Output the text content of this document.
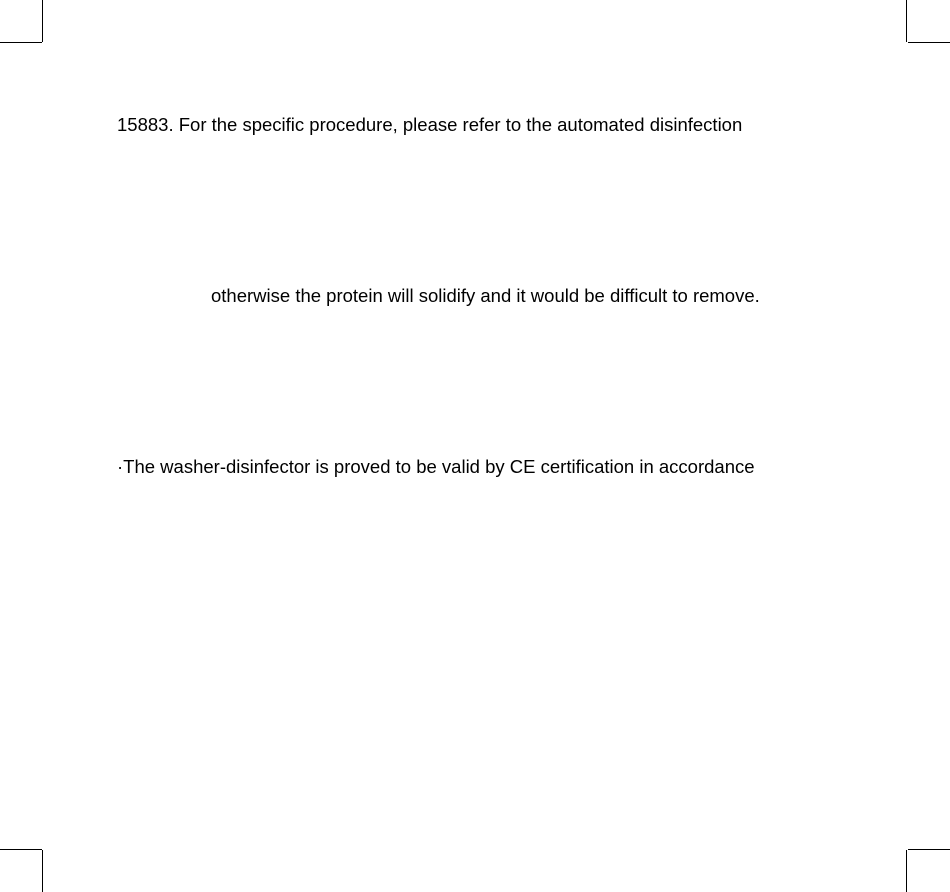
15883. For the specific procedure, please refer to the automated disinfection
otherwise the protein will solidify and it would be difficult to remove.
·The washer-disinfector is proved to be valid by CE certification in accordance
